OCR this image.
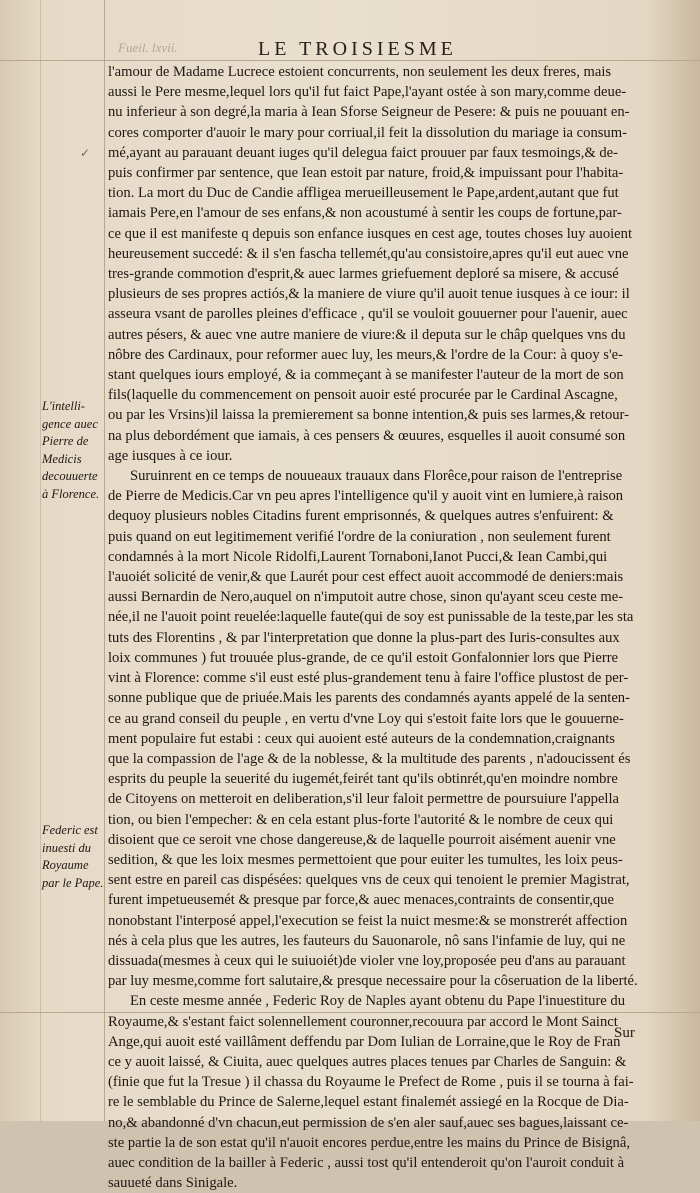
Fueil. lxvii.	LE TROISIESME
✓
L'intelli-gence auec Pierre de Medicis decouuerte à Florence.
Federic est inuesti du Royaume par le Pape.

l'amour de Madame Lucrece estoient concurrents, non seulement les deux freres, mais
aussi le Pere mesme,lequel lors qu'il fut faict Pape,l'ayant ostée à son mary,comme deue-
nu inferieur à son degré,la maria à Iean Sforse Seigneur de Pesere: & puis ne pouuant en-
cores comporter d'auoir le mary pour corriual,il feit la dissolution du mariage ia consum-
mé,ayant au parauant deuant iuges qu'il delegua faict prouuer par faux tesmoings,& de-
puis confirmer par sentence, que Iean estoit par nature, froid,& impuissant pour l'habita-
tion. La mort du Duc de Candie affligea merueilleusement le Pape,ardent,autant que fut
iamais Pere,en l'amour de ses enfans,& non acoustumé à sentir les coups de fortune,par-
ce que il est manifeste q depuis son enfance iusques en cest age, toutes choses luy auoient
heureusement succedé: & il s'en fascha tellemét,qu'au consistoire,apres qu'il eut auec vne
tres-grande commotion d'esprit,& auec larmes griefuement deploré sa misere, & accusé
plusieurs de ses propres actiós,& la maniere de viure qu'il auoit tenue iusques à ce iour: il
asseura vsant de parolles pleines d'efficace , qu'il se vouloit gouuerner pour l'auenir, auec
autres pésers, & auec vne autre maniere de viure:& il deputa sur le châp quelques vns du
nôbre des Cardinaux, pour reformer auec luy, les meurs,& l'ordre de la Cour: à quoy s'e-
stant quelques iours employé, & ia commeçant à se manifester l'auteur de la mort de son
fils(laquelle du commencement on pensoit auoir esté procurée par le Cardinal Ascagne,
ou par les Vrsins)il laissa la premierement sa bonne intention,& puis ses larmes,& retour-
na plus debordément que iamais, à ces pensers & œuures, esquelles il auoit consumé son
age iusques à ce iour.

Suruinrent en ce temps de nouueaux trauaux dans Florêce,pour raison de l'entreprise
de Pierre de Medicis.Car vn peu apres l'intelligence qu'il y auoit vint en lumiere,à raison
dequoy plusieurs nobles Citadins furent emprisonnés, & quelques autres s'enfuirent: &
puis quand on eut legitimement verifié l'ordre de la coniuration , non seulement furent
condamnés à la mort Nicole Ridolfi,Laurent Tornaboni,Ianot Pucci,& Iean Cambi,qui
l'auoiét solicité de venir,& que Laurét pour cest effect auoit accommodé de deniers:mais
aussi Bernardin de Nero,auquel on n'imputoit autre chose, sinon qu'ayant sceu ceste me-
née,il ne l'auoit point reuelée:laquelle faute(qui de soy est punissable de la teste,par les sta
tuts des Florentins , & par l'interpretation que donne la plus-part des Iuris-consultes aux
loix communes ) fut trouuée plus-grande, de ce qu'il estoit Gonfalonnier lors que Pierre
vint à Florence: comme s'il eust esté plus-grandement tenu à faire l'office plustost de per-
sonne publique que de priuée.Mais les parents des condamnés ayants appelé de la senten-
ce au grand conseil du peuple , en vertu d'vne Loy qui s'estoit faite lors que le gouuerne-
ment populaire fut estabi : ceux qui auoient esté auteurs de la condemnation,craignants
que la compassion de l'age & de la noblesse, & la multitude des parents , n'adoucissent és
esprits du peuple la seuerité du iugemét,feirét tant qu'ils obtinrét,qu'en moindre nombre
de Citoyens on metteroit en deliberation,s'il leur faloit permettre de poursuiure l'appella
tion, ou bien l'empecher: & en cela estant plus-forte l'autorité & le nombre de ceux qui
disoient que ce seroit vne chose dangereuse,& de laquelle pourroit aisément auenir vne
sedition, & que les loix mesmes permettoient que pour euiter les tumultes, les loix peus-
sent estre en pareil cas dispésées: quelques vns de ceux qui tenoient le premier Magistrat,
furent impetueusemét & presque par force,& auec menaces,contraints de consentir,que
nonobstant l'interposé appel,l'execution se feist la nuict mesme:& se monstrerét affection
nés à cela plus que les autres, les fauteurs du Sauonarole, nô sans l'infamie de luy, qui ne
dissuada(mesmes à ceux qui le suiuoiét)de violer vne loy,proposée peu d'ans au parauant
par luy mesme,comme fort salutaire,& presque necessaire pour la côseruation de la liberté.

En ceste mesme année , Federic Roy de Naples ayant obtenu du Pape l'inuestiture du
Royaume,& s'estant faict solennellement couronner,recouura par accord le Mont Sainct
Ange,qui auoit esté vaillâment deffendu par Dom Iulian de Lorraine,que le Roy de Fran
ce y auoit laissé, & Ciuita, auec quelques autres places tenues par Charles de Sanguin: &
(finie que fut la Tresue ) il chassa du Royaume le Prefect de Rome , puis il se tourna à fai-
re le semblable du Prince de Salerne,lequel estant finalemét assiegé en la Rocque de Dia-
no,& abandonné d'vn chacun,eut permission de s'en aler sauf,auec ses bagues,laissant ce-
ste partie la de son estat qu'il n'auoit encores perdue,entre les mains du Prince de Bisignâ,
auec condition de la bailler à Federic , aussi tost qu'il entenderoit qu'on l'auroit conduit à
sauueté dans Sinigale.

Sur
